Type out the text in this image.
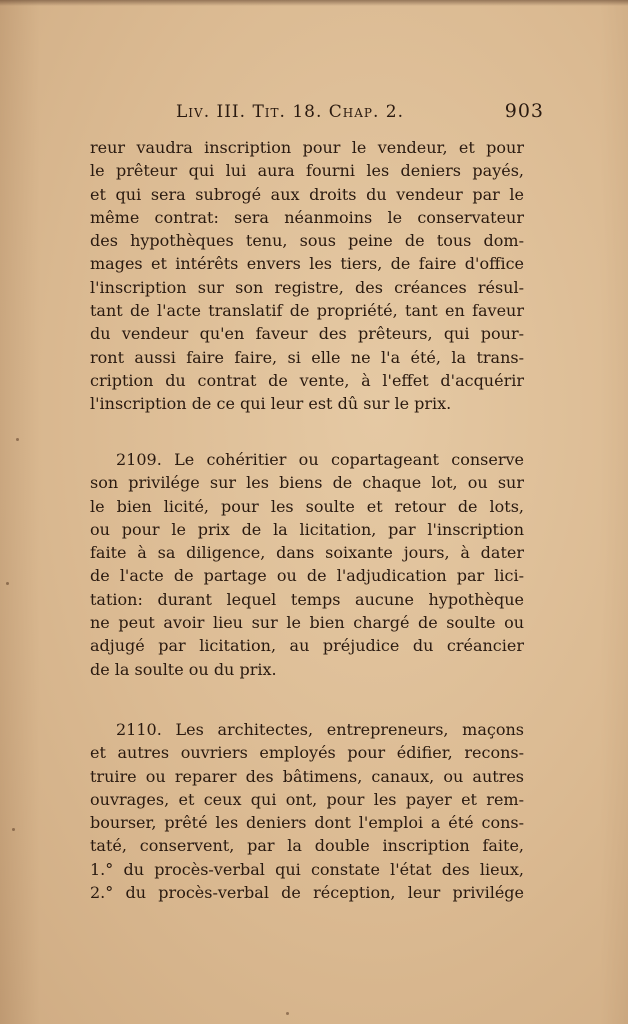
Liv. III. Tit. 18. Chap. 2.	903
reur vaudra inscription pour le vendeur, et pour
le prêteur qui lui aura fourni les deniers payés,
et qui sera subrogé aux droits du vendeur par le
même contrat: sera néanmoins le conservateur
des hypothèques tenu, sous peine de tous dom-
mages et intérêts envers les tiers, de faire d'office
l'inscription sur son registre, des créances résul-
tant de l'acte translatif de propriété, tant en faveur
du vendeur qu'en faveur des prêteurs, qui pour-
ront aussi faire faire, si elle ne l'a été, la trans-
cription du contrat de vente, à l'effet d'acquérir
l'inscription de ce qui leur est dû sur le prix.
2109. Le cohéritier ou copartageant conserve
son privilége sur les biens de chaque lot, ou sur
le bien licité, pour les soulte et retour de lots,
ou pour le prix de la licitation, par l'inscription
faite à sa diligence, dans soixante jours, à dater
de l'acte de partage ou de l'adjudication par lici-
tation: durant lequel temps aucune hypothèque
ne peut avoir lieu sur le bien chargé de soulte ou
adjugé par licitation, au préjudice du créancier
de la soulte ou du prix.
2110. Les architectes, entrepreneurs, maçons
et autres ouvriers employés pour édifier, recons-
truire ou reparer des bâtimens, canaux, ou autres
ouvrages, et ceux qui ont, pour les payer et rem-
bourser, prêté les deniers dont l'emploi a été cons-
taté, conservent, par la double inscription faite,
1.° du procès-verbal qui constate l'état des lieux,
2.° du procès-verbal de réception, leur privilége
